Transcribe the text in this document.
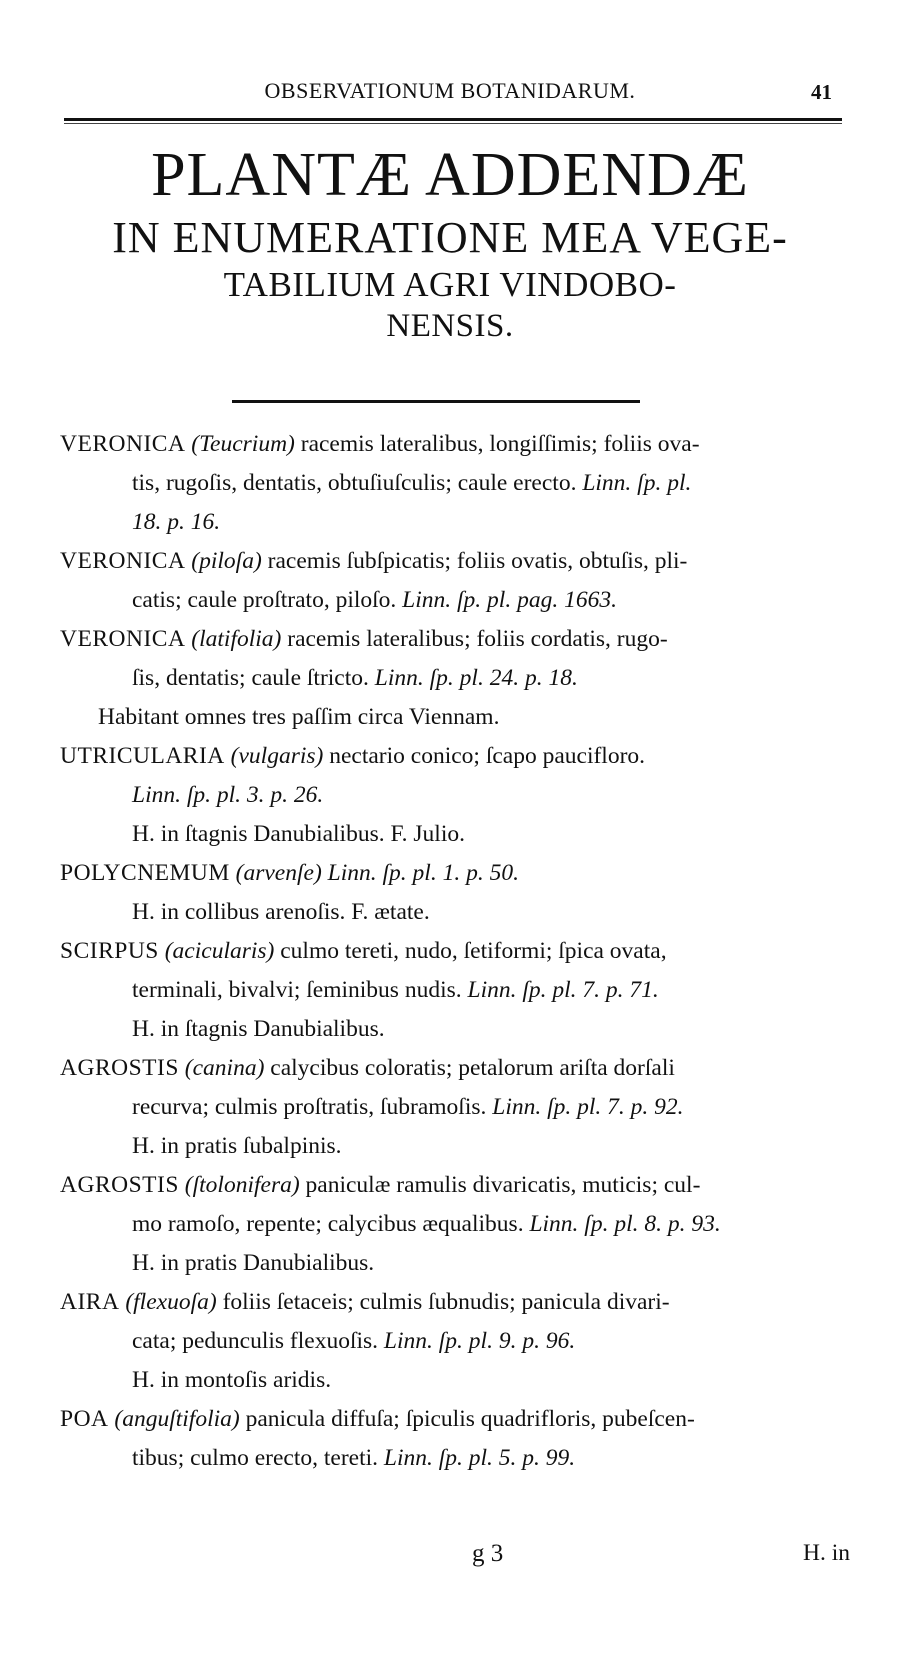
OBSERVATIONUM BOTANIDARUM.	41
PLANTÆ ADDENDÆ
IN ENUMERATIONE MEA VEGE-
TABILIUM AGRI VINDOBO-
NENSIS.
VERONICA (Teucrium) racemis lateralibus, longiſſimis; foliis ova-
tis, rugoſis, dentatis, obtuſiuſculis; caule erecto. Linn. ſp. pl.
18. p. 16.
VERONICA (piloſa) racemis ſubſpicatis; foliis ovatis, obtuſis, pli-
catis; caule proſtrato, piloſo. Linn. ſp. pl. pag. 1663.
VERONICA (latifolia) racemis lateralibus; foliis cordatis, rugo-
ſis, dentatis; caule ſtricto. Linn. ſp. pl. 24. p. 18.
Habitant omnes tres paſſim circa Viennam.
UTRICULARIA (vulgaris) nectario conico; ſcapo paucifloro.
Linn. ſp. pl. 3. p. 26.
H. in ſtagnis Danubialibus. F. Julio.
POLYCNEMUM (arvenſe) Linn. ſp. pl. 1. p. 50.
H. in collibus arenoſis. F. ætate.
SCIRPUS (acicularis) culmo tereti, nudo, ſetiformi; ſpica ovata,
terminali, bivalvi; ſeminibus nudis. Linn. ſp. pl. 7. p. 71.
H. in ſtagnis Danubialibus.
AGROSTIS (canina) calycibus coloratis; petalorum ariſta dorſali
recurva; culmis proſtratis, ſubramoſis. Linn. ſp. pl. 7. p. 92.
H. in pratis ſubalpinis.
AGROSTIS (ſtolonifera) paniculæ ramulis divaricatis, muticis; cul-
mo ramoſo, repente; calycibus æqualibus. Linn. ſp. pl. 8. p. 93.
H. in pratis Danubialibus.
AIRA (flexuoſa) foliis ſetaceis; culmis ſubnudis; panicula divari-
cata; pedunculis flexuoſis. Linn. ſp. pl. 9. p. 96.
H. in montoſis aridis.
POA (anguſtifolia) panicula diffuſa; ſpiculis quadrifloris, pubeſcen-
tibus; culmo erecto, tereti. Linn. ſp. pl. 5. p. 99.
g 3	H. in
